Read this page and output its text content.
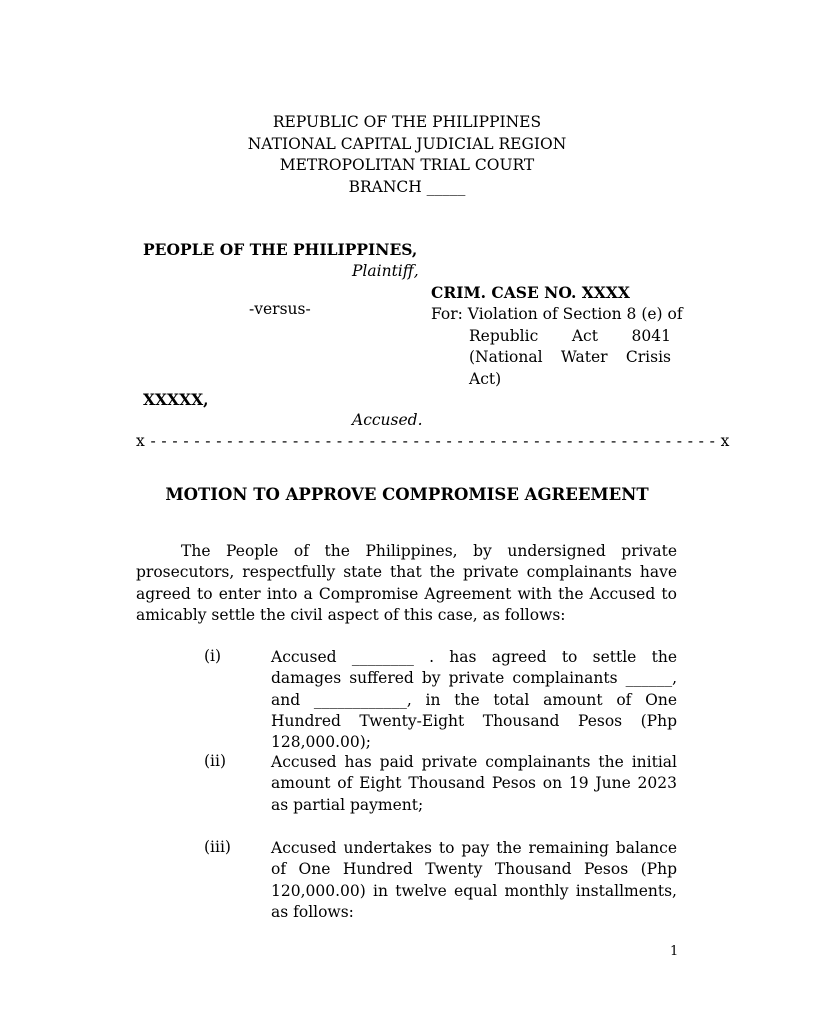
REPUBLIC OF THE PHILIPPINES
NATIONAL CAPITAL JUDICIAL REGION
METROPOLITAN TRIAL COURT
BRANCH _____
PEOPLE OF THE PHILIPPINES,
Plaintiff,
CRIM. CASE NO. XXXX
-versus-	For: Violation of Section 8 (e) of
Republic Act 8041
(National Water Crisis
Act)
XXXXX,
Accused.
x - - - - - - - - - - - - - - - - - - - - - - - - - - - - - - - - - - - - - - - - - - - - - - - - - - - - x
MOTION TO APPROVE COMPROMISE AGREEMENT
The People of the Philippines, by undersigned private prosecutors, respectfully state that the private complainants have agreed to enter into a Compromise Agreement with the Accused to amicably settle the civil aspect of this case, as follows:
(i)	Accused ________ . has agreed to settle the damages suffered by private complainants ______, and ____________, in the total amount of One Hundred Twenty-Eight Thousand Pesos (Php 128,000.00);
(ii)	Accused has paid private complainants the initial amount of Eight Thousand Pesos on 19 June 2023 as partial payment;
(iii)	Accused undertakes to pay the remaining balance of One Hundred Twenty Thousand Pesos (Php 120,000.00) in twelve equal monthly installments, as follows:
1
